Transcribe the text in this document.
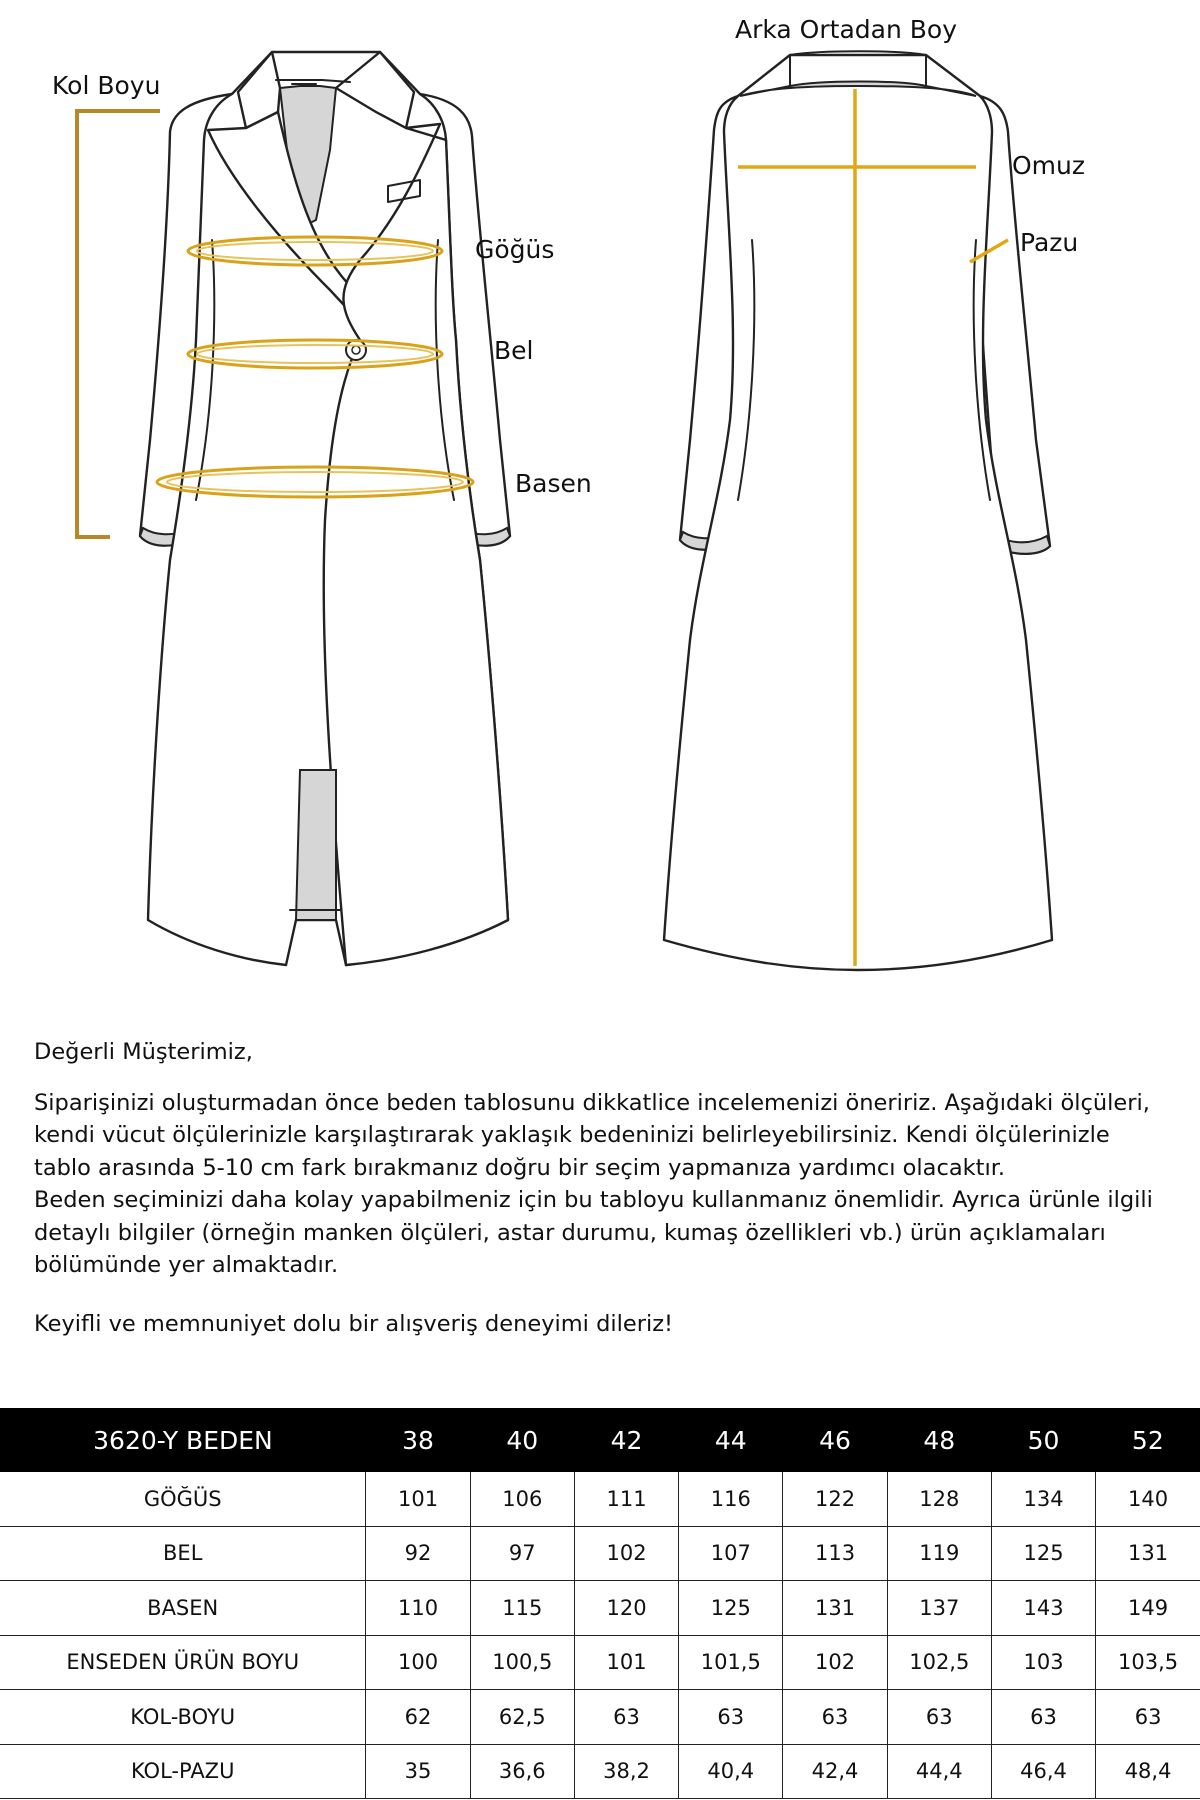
Kol Boyu
Göğüs
Bel
Basen
Arka Ortadan Boy
Omuz
Pazu

Değerli Müşterimiz,

Siparişinizi oluşturmadan önce beden tablosunu dikkatlice incelemenizi öneririz. Aşağıdaki ölçüleri, kendi vücut ölçülerinizle karşılaştırarak yaklaşık bedeninizi belirleyebilirsiniz. Kendi ölçülerinizle tablo arasında 5-10 cm fark bırakmanız doğru bir seçim yapmanıza yardımcı olacaktır.

Beden seçiminizi daha kolay yapabilmeniz için bu tabloyu kullanmanız önemlidir. Ayrıca ürünle ilgili detaylı bilgiler (örneğin manken ölçüleri, astar durumu, kumaş özellikleri vb.) ürün açıklamaları bölümünde yer almaktadır.

Keyifli ve memnuniyet dolu bir alışveriş deneyimi dileriz!

3620-Y BEDEN	38	40	42	44	46	48	50	52
GÖĞÜS	101	106	111	116	122	128	134	140
BEL	92	97	102	107	113	119	125	131
BASEN	110	115	120	125	131	137	143	149
ENSEDEN ÜRÜN BOYU	100	100,5	101	101,5	102	102,5	103	103,5
KOL-BOYU	62	62,5	63	63	63	63	63	63
KOL-PAZU	35	36,6	38,2	40,4	42,4	44,4	46,4	48,4
